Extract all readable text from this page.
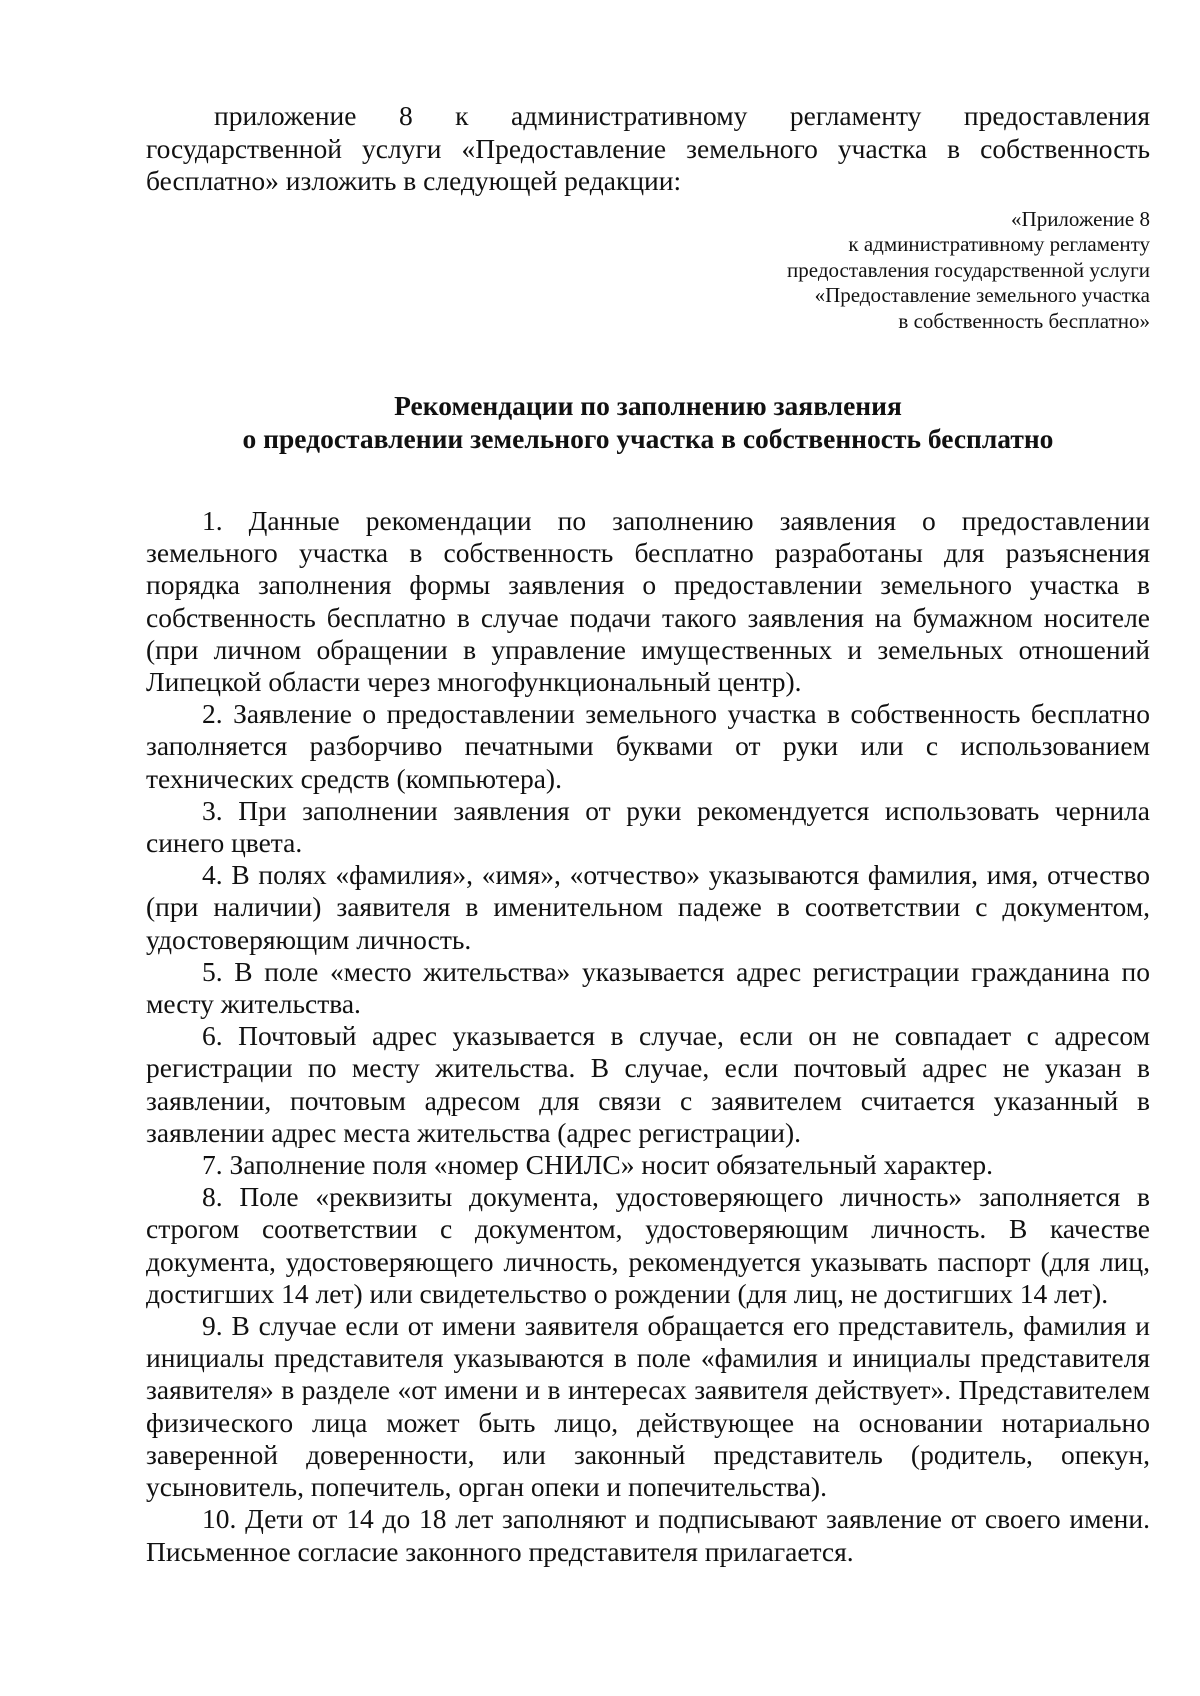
приложение 8 к административному регламенту предоставления государственной услуги «Предоставление земельного участка в собственность бесплатно» изложить в следующей редакции:

«Приложение 8
к административному регламенту
предоставления государственной услуги
«Предоставление земельного участка
в собственность бесплатно»
Рекомендации по заполнению заявления
о предоставлении земельного участка в собственность бесплатно

1. Данные рекомендации по заполнению заявления о предоставлении земельного участка в собственность бесплатно разработаны для разъяснения порядка заполнения формы заявления о предоставлении земельного участка в собственность бесплатно в случае подачи такого заявления на бумажном носителе (при личном обращении в управление имущественных и земельных отношений Липецкой области через многофункциональный центр).

2. Заявление о предоставлении земельного участка в собственность бесплатно заполняется разборчиво печатными буквами от руки или с использованием технических средств (компьютера).

3. При заполнении заявления от руки рекомендуется использовать чернила синего цвета.

4. В полях «фамилия», «имя», «отчество» указываются фамилия, имя, отчество (при наличии) заявителя в именительном падеже в соответствии с документом, удостоверяющим личность.

5. В поле «место жительства» указывается адрес регистрации гражданина по месту жительства.

6. Почтовый адрес указывается в случае, если он не совпадает с адресом регистрации по месту жительства. В случае, если почтовый адрес не указан в заявлении, почтовым адресом для связи с заявителем считается указанный в заявлении адрес места жительства (адрес регистрации).

7. Заполнение поля «номер СНИЛС» носит обязательный характер.

8. Поле «реквизиты документа, удостоверяющего личность» заполняется в строгом соответствии с документом, удостоверяющим личность. В качестве документа, удостоверяющего личность, рекомендуется указывать паспорт (для лиц, достигших 14 лет) или свидетельство о рождении (для лиц, не достигших 14 лет).

9. В случае если от имени заявителя обращается его представитель, фамилия и инициалы представителя указываются в поле «фамилия и инициалы представителя заявителя» в разделе «от имени и в интересах заявителя действует». Представителем физического лица может быть лицо, действующее на основании нотариально заверенной доверенности, или законный представитель (родитель, опекун, усыновитель, попечитель, орган опеки и попечительства).

10. Дети от 14 до 18 лет заполняют и подписывают заявление от своего имени. Письменное согласие законного представителя прилагается.
